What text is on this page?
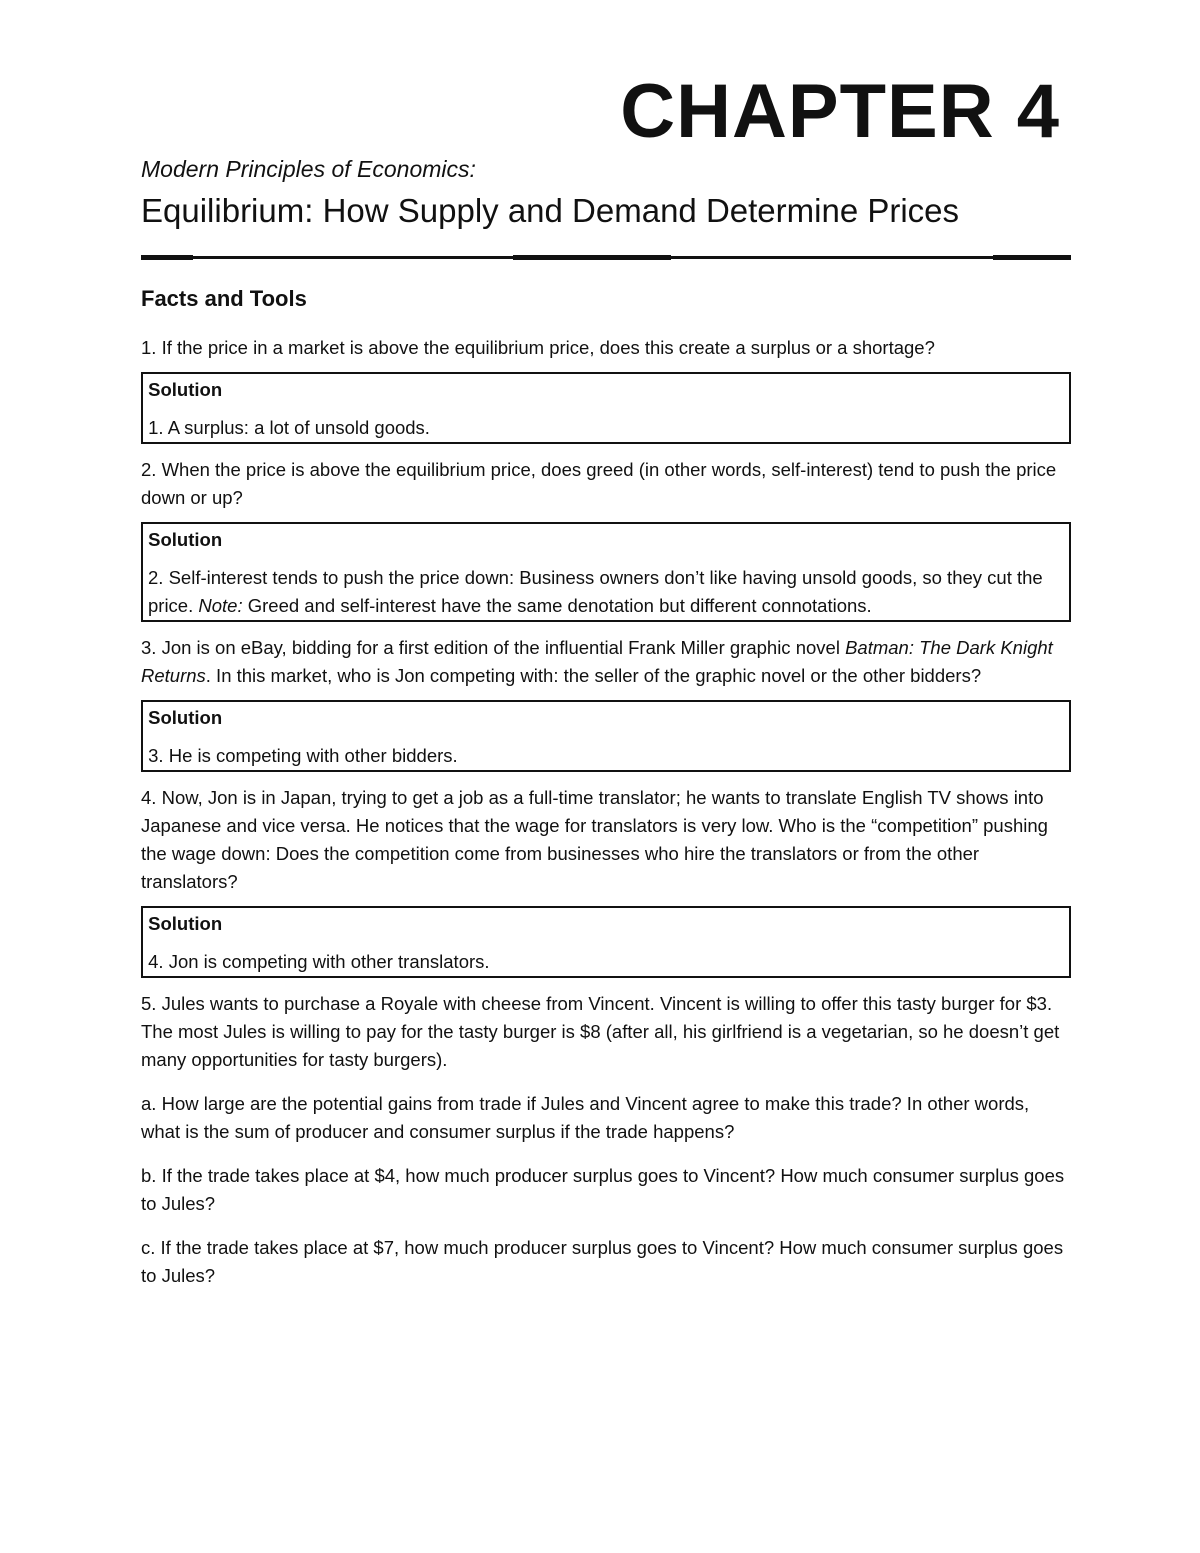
CHAPTER 4
Modern Principles of Economics:
Equilibrium: How Supply and Demand Determine Prices
Facts and Tools

1. If the price in a market is above the equilibrium price, does this create a surplus or a shortage?

Solution
1. A surplus: a lot of unsold goods.

2. When the price is above the equilibrium price, does greed (in other words, self-interest) tend to push the price down or up?

Solution
2. Self-interest tends to push the price down: Business owners don’t like having unsold goods, so they cut the price. Note: Greed and self-interest have the same denotation but different connotations.

3. Jon is on eBay, bidding for a first edition of the influential Frank Miller graphic novel Batman: The Dark Knight Returns. In this market, who is Jon competing with: the seller of the graphic novel or the other bidders?

Solution
3. He is competing with other bidders.

4. Now, Jon is in Japan, trying to get a job as a full-time translator; he wants to translate English TV shows into Japanese and vice versa. He notices that the wage for translators is very low. Who is the “competition” pushing the wage down: Does the competition come from businesses who hire the translators or from the other translators?

Solution
4. Jon is competing with other translators.

5. Jules wants to purchase a Royale with cheese from Vincent. Vincent is willing to offer this tasty burger for $3. The most Jules is willing to pay for the tasty burger is $8 (after all, his girlfriend is a vegetarian, so he doesn’t get many opportunities for tasty burgers).

a. How large are the potential gains from trade if Jules and Vincent agree to make this trade? In other words, what is the sum of producer and consumer surplus if the trade happens?

b. If the trade takes place at $4, how much producer surplus goes to Vincent? How much consumer surplus goes to Jules?

c. If the trade takes place at $7, how much producer surplus goes to Vincent? How much consumer surplus goes to Jules?
